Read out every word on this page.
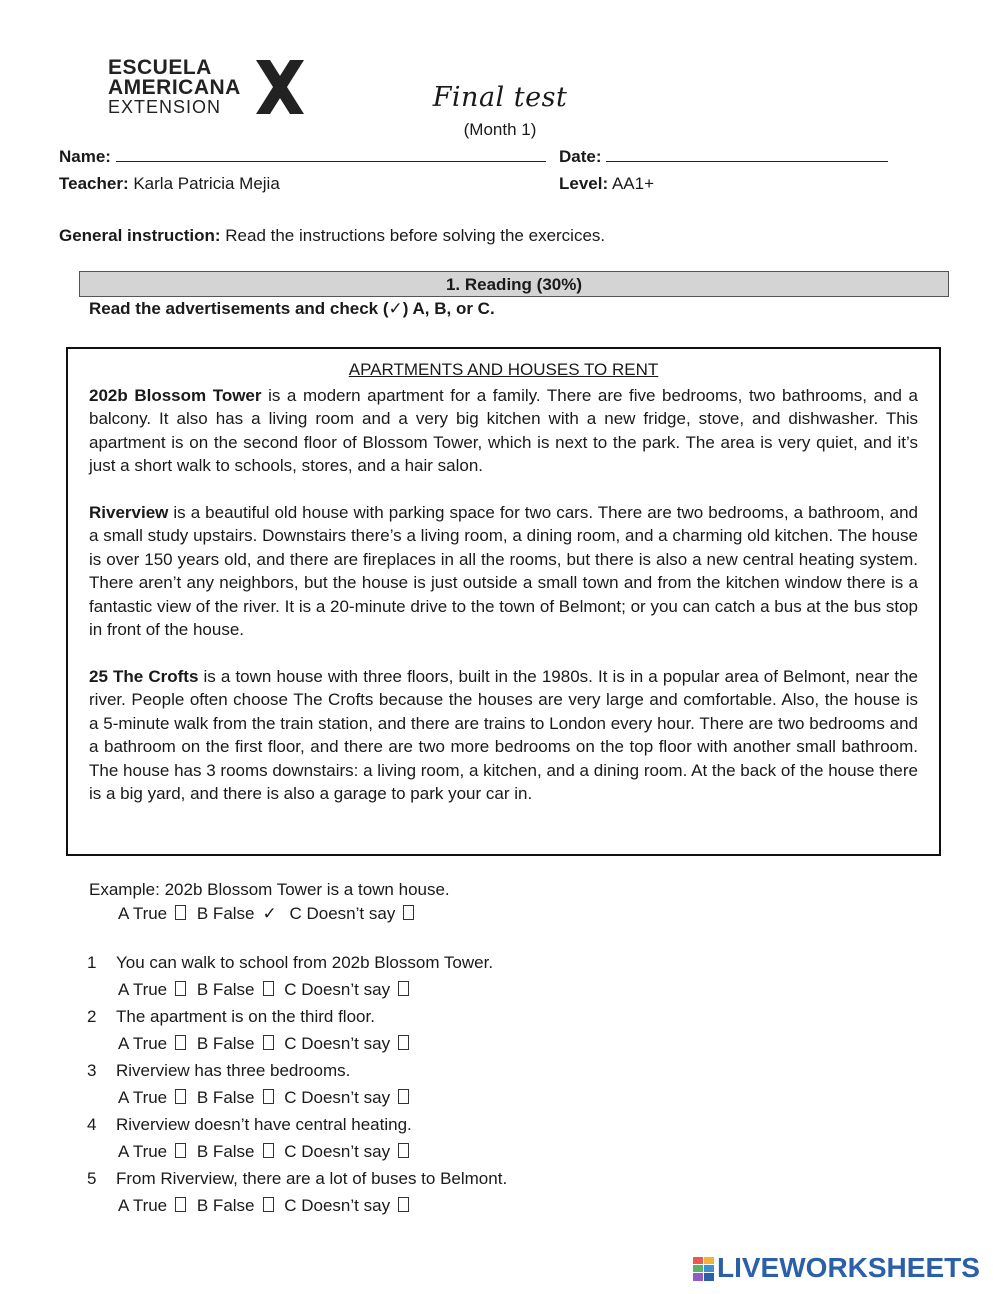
ESCUELA
AMERICANA
EXTENSION	Final test
(Month 1)
Name:	Date:
Teacher: Karla Patricia Mejia	Level: AA1+
General instruction: Read the instructions before solving the exercices.
1. Reading (30%)
Read the advertisements and check (✓) A, B, or C.
APARTMENTS AND HOUSES TO RENT
202b Blossom Tower is a modern apartment for a family. There are five bedrooms, two bathrooms, and a balcony. It also has a living room and a very big kitchen with a new fridge, stove, and dishwasher. This apartment is on the second floor of Blossom Tower, which is next to the park. The area is very quiet, and it’s just a short walk to schools, stores, and a hair salon.
Riverview is a beautiful old house with parking space for two cars. There are two bedrooms, a bathroom, and a small study upstairs. Downstairs there’s a living room, a dining room, and a charming old kitchen. The house is over 150 years old, and there are fireplaces in all the rooms, but there is also a new central heating system. There aren’t any neighbors, but the house is just outside a small town and from the kitchen window there is a fantastic view of the river. It is a 20-minute drive to the town of Belmont; or you can catch a bus at the bus stop in front of the house.
25 The Crofts is a town house with three floors, built in the 1980s. It is in a popular area of Belmont, near the river. People often choose The Crofts because the houses are very large and comfortable. Also, the house is a 5-minute walk from the train station, and there are trains to London every hour. There are two bedrooms and a bathroom on the first floor, and there are two more bedrooms on the top floor with another small bathroom. The house has 3 rooms downstairs: a living room, a kitchen, and a dining room. At the back of the house there is a big yard, and there is also a garage to park your car in.
Example: 202b Blossom Tower is a town house.
A True B False ✓ C Doesn’t say
1 You can walk to school from 202b Blossom Tower.
A True B False C Doesn’t say
2 The apartment is on the third floor.
A True B False C Doesn’t say
3 Riverview has three bedrooms.
A True B False C Doesn’t say
4 Riverview doesn’t have central heating.
A True B False C Doesn’t say
5 From Riverview, there are a lot of buses to Belmont.
A True B False C Doesn’t say
LIVEWORKSHEETS
